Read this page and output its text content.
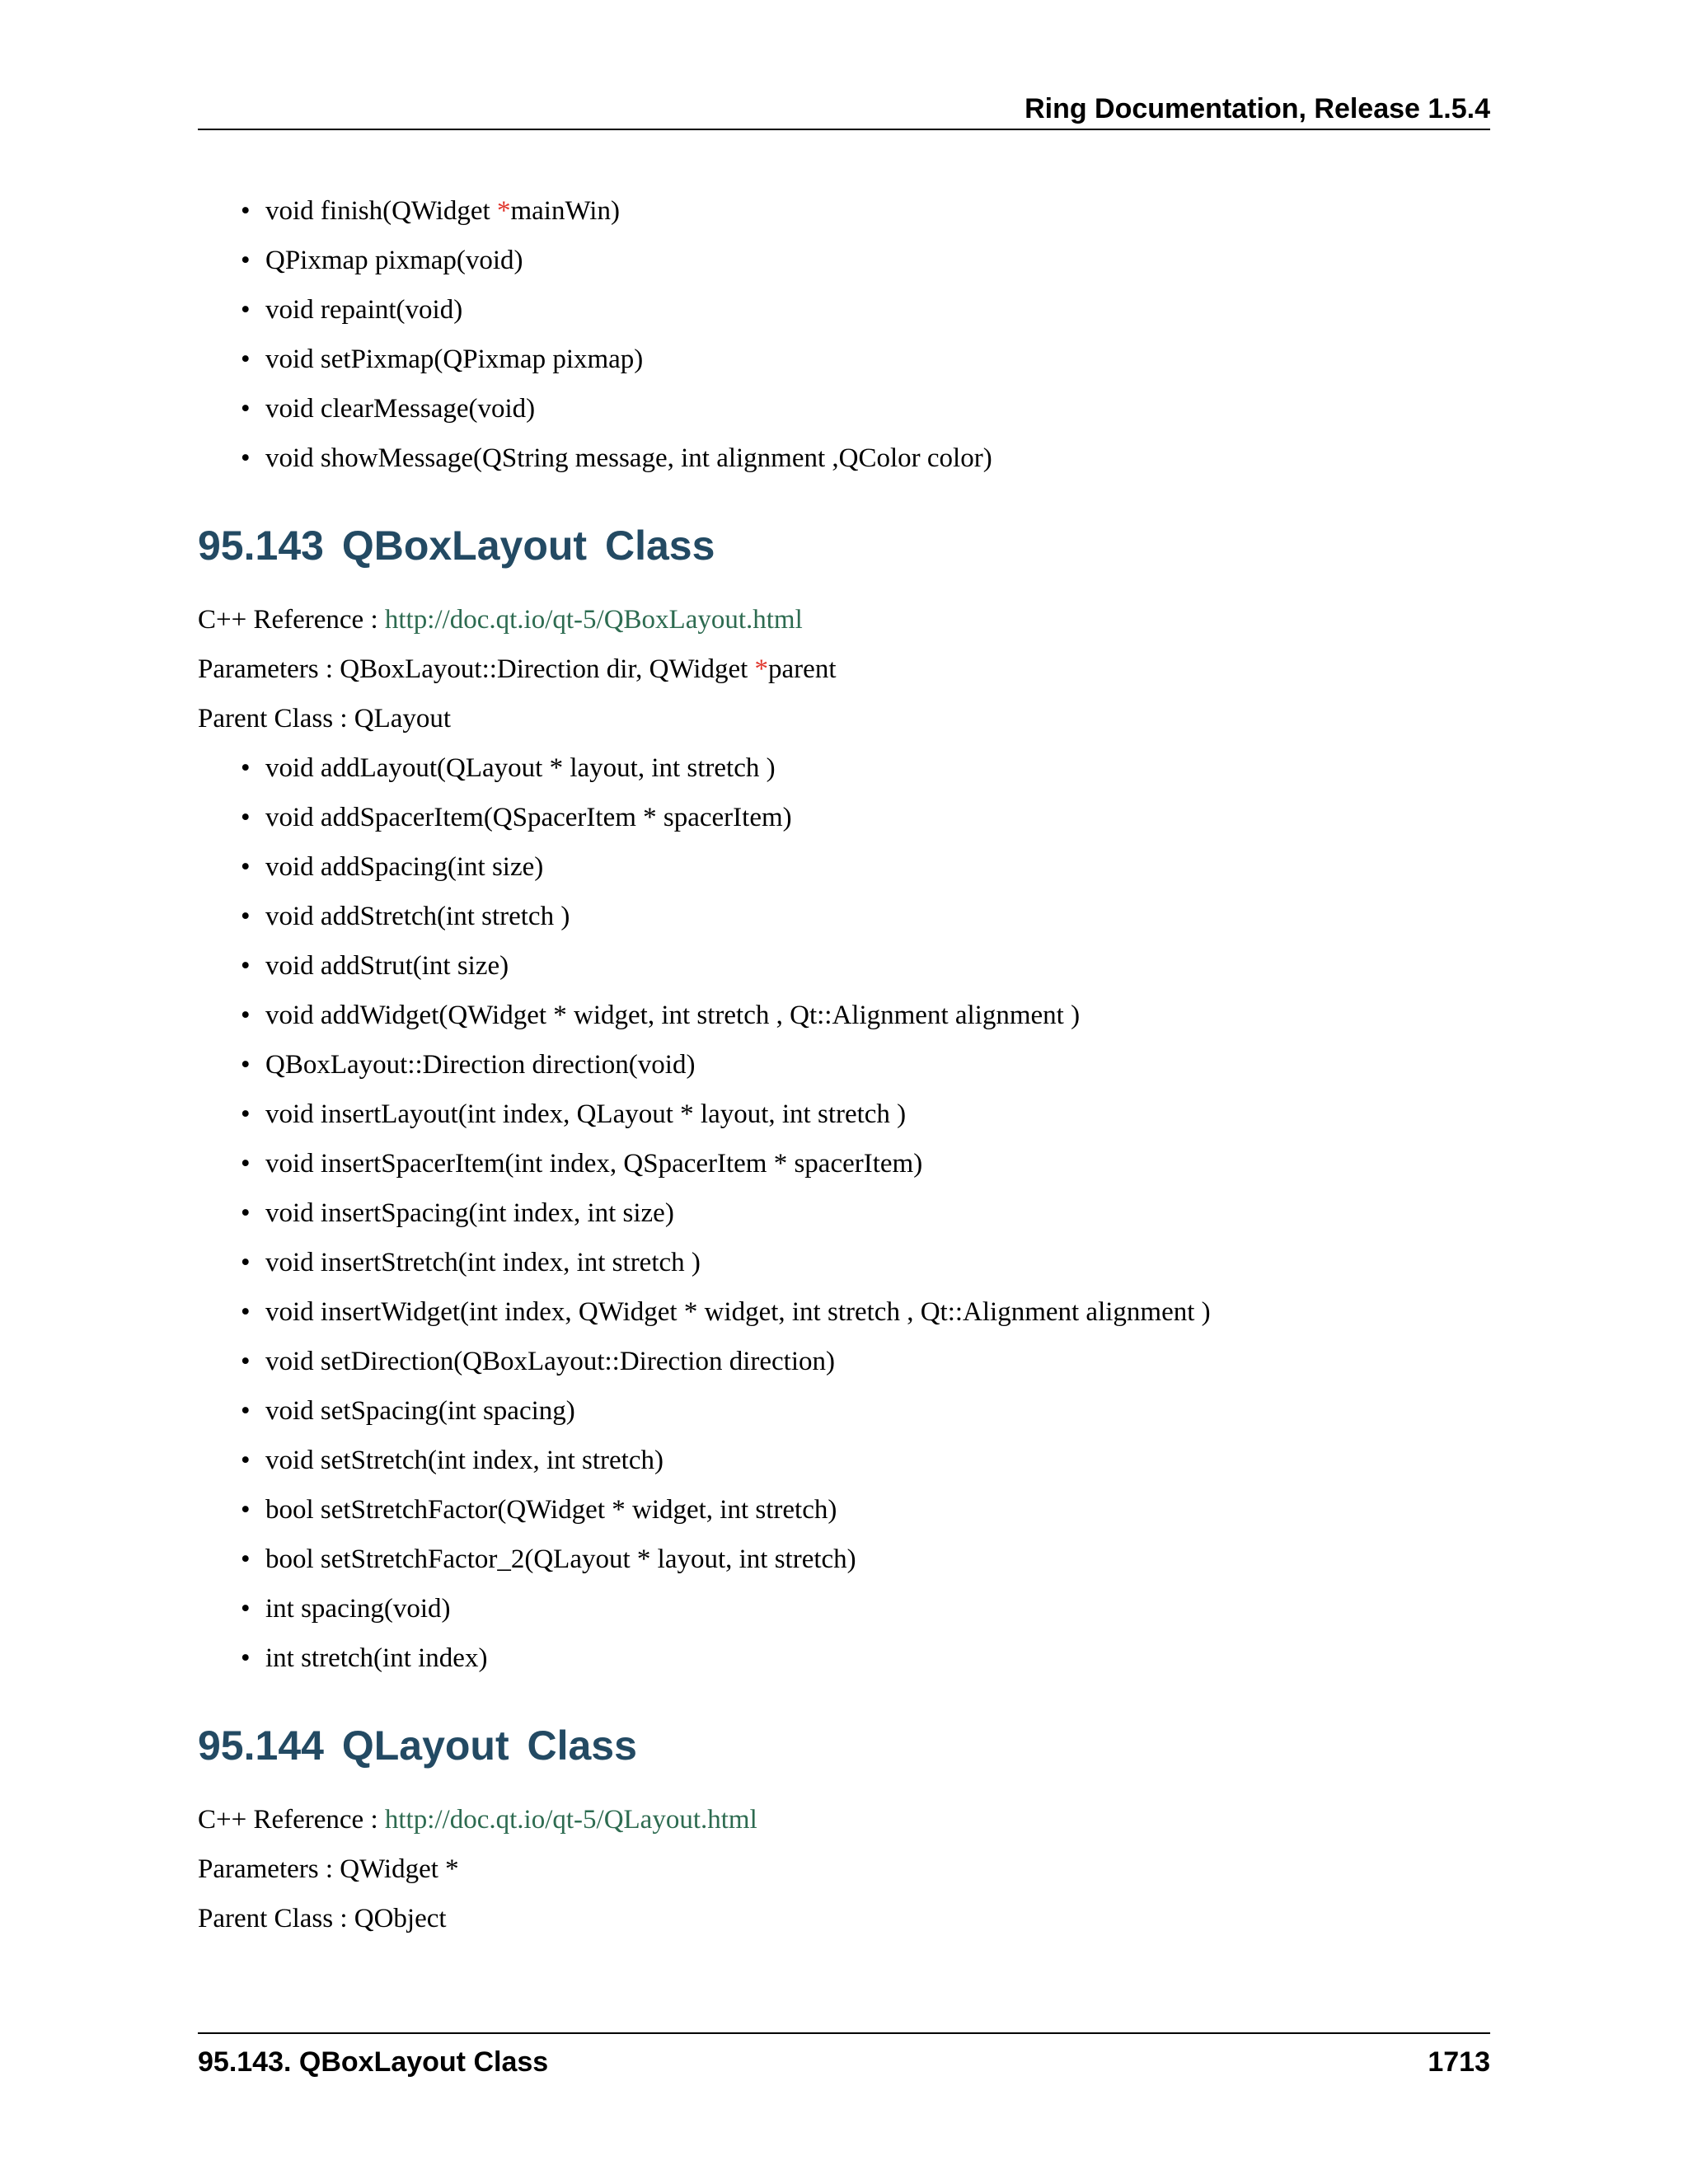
Ring Documentation, Release 1.5.4
• void finish(QWidget *mainWin)
• QPixmap pixmap(void)
• void repaint(void)
• void setPixmap(QPixmap pixmap)
• void clearMessage(void)
• void showMessage(QString message, int alignment ,QColor color)
95.143 QBoxLayout Class

C++ Reference : http://doc.qt.io/qt-5/QBoxLayout.html

Parameters : QBoxLayout::Direction dir, QWidget *parent

Parent Class : QLayout

• void addLayout(QLayout * layout, int stretch )
• void addSpacerItem(QSpacerItem * spacerItem)
• void addSpacing(int size)
• void addStretch(int stretch )
• void addStrut(int size)
• void addWidget(QWidget * widget, int stretch , Qt::Alignment alignment )
• QBoxLayout::Direction direction(void)
• void insertLayout(int index, QLayout * layout, int stretch )
• void insertSpacerItem(int index, QSpacerItem * spacerItem)
• void insertSpacing(int index, int size)
• void insertStretch(int index, int stretch )
• void insertWidget(int index, QWidget * widget, int stretch , Qt::Alignment alignment )
• void setDirection(QBoxLayout::Direction direction)
• void setSpacing(int spacing)
• void setStretch(int index, int stretch)
• bool setStretchFactor(QWidget * widget, int stretch)
• bool setStretchFactor_2(QLayout * layout, int stretch)
• int spacing(void)
• int stretch(int index)
95.144 QLayout Class

C++ Reference : http://doc.qt.io/qt-5/QLayout.html

Parameters : QWidget *

Parent Class : QObject

95.143. QBoxLayout Class	1713
